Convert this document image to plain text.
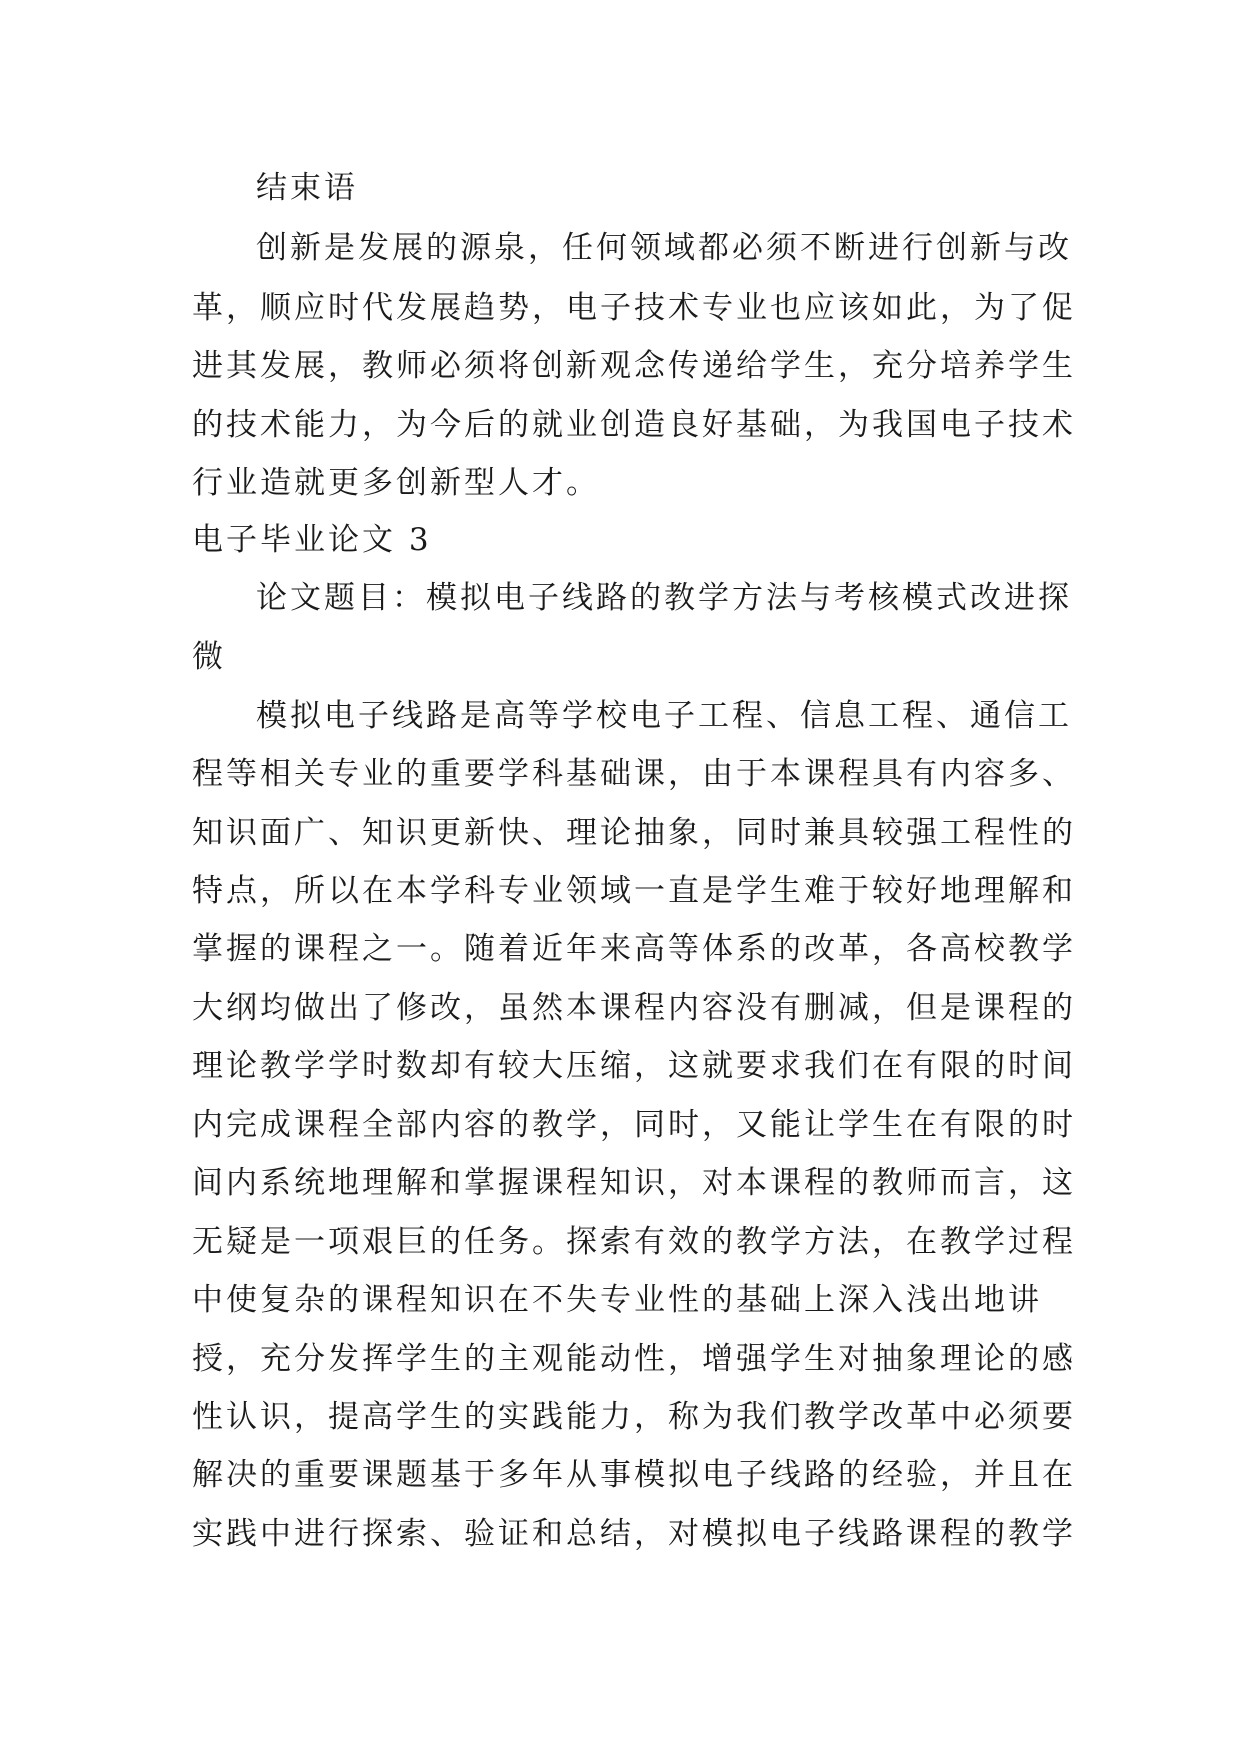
结束语
创新是发展的源泉，任何领域都必须不断进行创新与改
革，顺应时代发展趋势，电子技术专业也应该如此，为了促
进其发展，教师必须将创新观念传递给学生，充分培养学生
的技术能力，为今后的就业创造良好基础，为我国电子技术
行业造就更多创新型人才。
电子毕业论文 3
论文题目：模拟电子线路的教学方法与考核模式改进探
微
模拟电子线路是高等学校电子工程、信息工程、通信工
程等相关专业的重要学科基础课，由于本课程具有内容多、
知识面广、知识更新快、理论抽象，同时兼具较强工程性的
特点，所以在本学科专业领域一直是学生难于较好地理解和
掌握的课程之一。随着近年来高等体系的改革，各高校教学
大纲均做出了修改，虽然本课程内容没有删减，但是课程的
理论教学学时数却有较大压缩，这就要求我们在有限的时间
内完成课程全部内容的教学，同时，又能让学生在有限的时
间内系统地理解和掌握课程知识，对本课程的教师而言，这
无疑是一项艰巨的任务。探索有效的教学方法，在教学过程
中使复杂的课程知识在不失专业性的基础上深入浅出地讲
授，充分发挥学生的主观能动性，增强学生对抽象理论的感
性认识，提高学生的实践能力，称为我们教学改革中必须要
解决的重要课题基于多年从事模拟电子线路的经验，并且在
实践中进行探索、验证和总结，对模拟电子线路课程的教学
